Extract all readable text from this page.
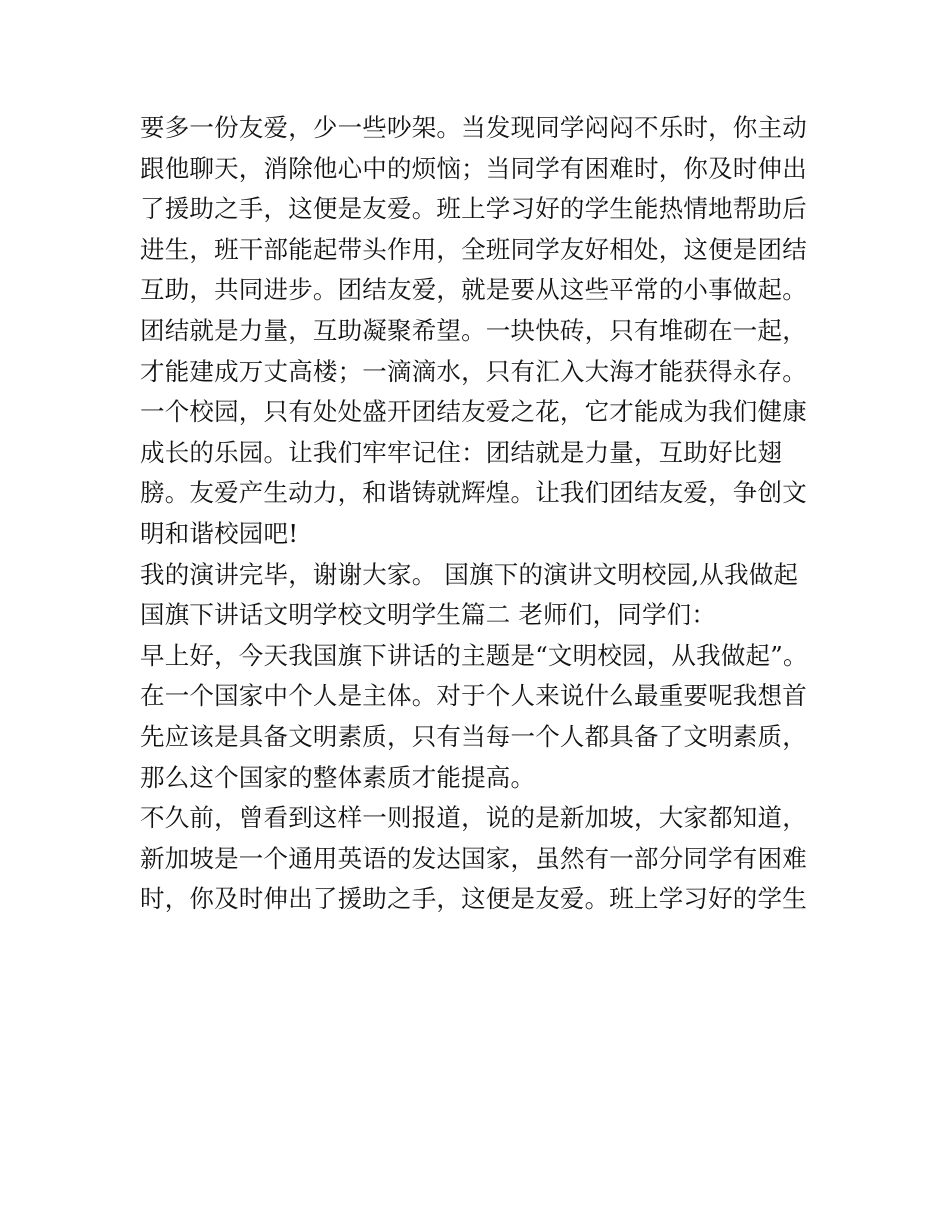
要多一份友爱，少一些吵架。当发现同学闷闷不乐时，你主动
跟他聊天，消除他心中的烦恼；当同学有困难时，你及时伸出
了援助之手，这便是友爱。班上学习好的学生能热情地帮助后
进生，班干部能起带头作用，全班同学友好相处，这便是团结
互助，共同进步。团结友爱，就是要从这些平常的小事做起。
团结就是力量，互助凝聚希望。一块快砖，只有堆砌在一起，
才能建成万丈高楼；一滴滴水，只有汇入大海才能获得永存。
一个校园，只有处处盛开团结友爱之花，它才能成为我们健康
成长的乐园。让我们牢牢记住：团结就是力量，互助好比翅
膀。友爱产生动力，和谐铸就辉煌。让我们团结友爱，争创文
明和谐校园吧!
我的演讲完毕，谢谢大家。 国旗下的演讲文明校园,从我做起
国旗下讲话文明学校文明学生篇二 老师们，同学们：
早上好，今天我国旗下讲话的主题是“文明校园，从我做起”。
在一个国家中个人是主体。对于个人来说什么最重要呢我想首
先应该是具备文明素质，只有当每一个人都具备了文明素质，
那么这个国家的整体素质才能提高。
不久前，曾看到这样一则报道，说的是新加坡，大家都知道，
新加坡是一个通用英语的发达国家，虽然有一部分同学有困难
时，你及时伸出了援助之手，这便是友爱。班上学习好的学生
